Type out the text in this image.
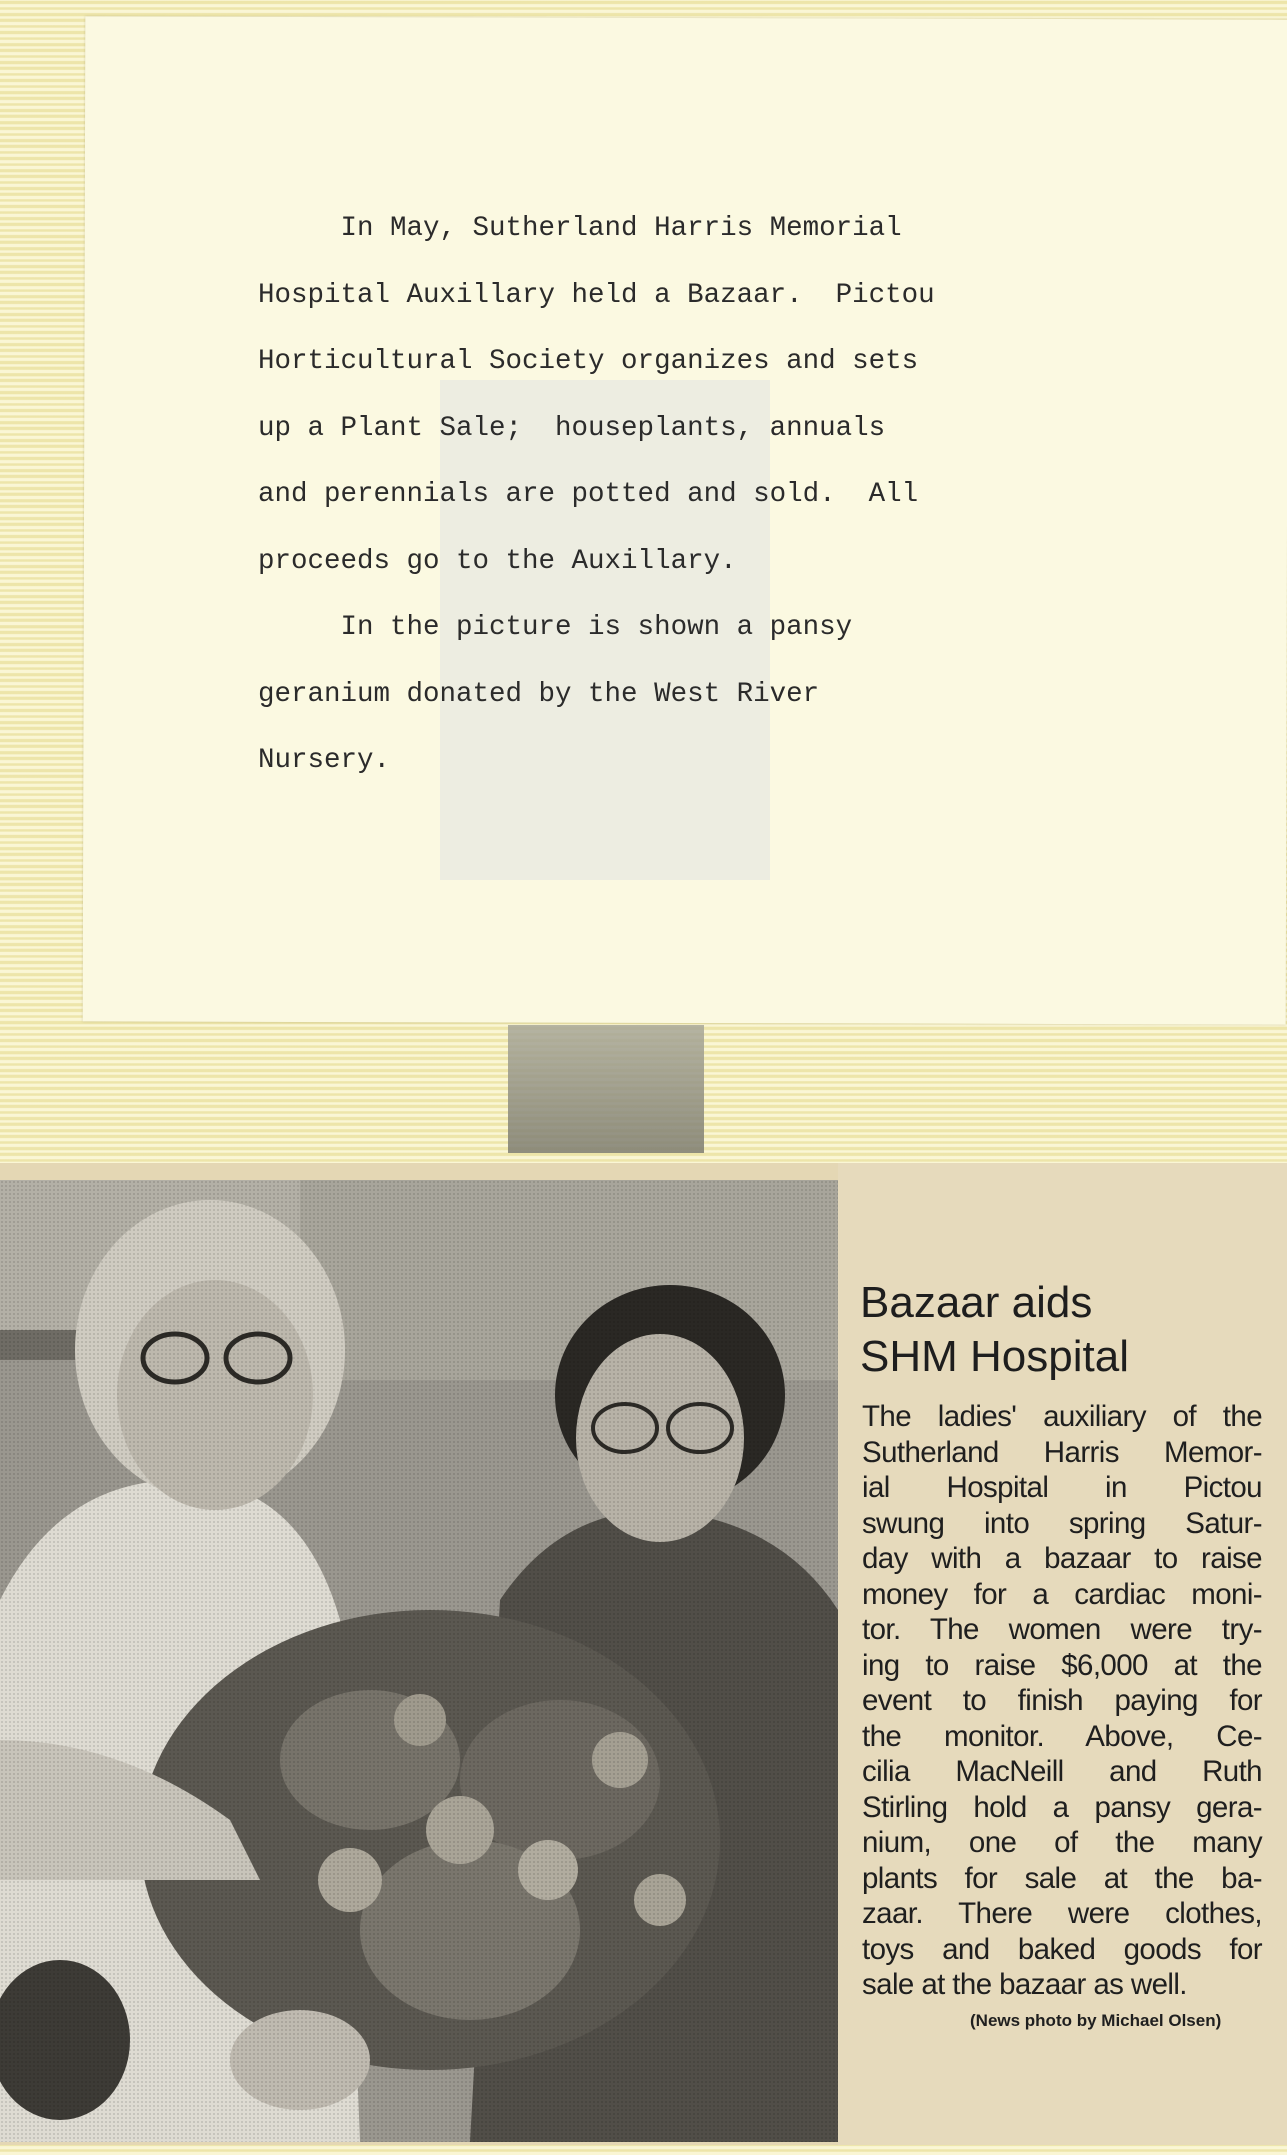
In May, Sutherland Harris Memorial
Hospital Auxillary held a Bazaar.  Pictou
Horticultural Society organizes and sets
up a Plant Sale;  houseplants, annuals
and perennials are potted and sold.  All
proceeds go to the Auxillary.
In the picture is shown a pansy
geranium donated by the West River
Nursery.
Bazaar aids
SHM Hospital
The ladies' auxiliary of the
Sutherland Harris Memor-
ial Hospital in Pictou
swung into spring Satur-
day with a bazaar to raise
money for a cardiac moni-
tor. The women were try-
ing to raise $6,000 at the
event to finish paying for
the monitor. Above, Ce-
cilia MacNeill and Ruth
Stirling hold a pansy gera-
nium, one of the many
plants for sale at the ba-
zaar. There were clothes,
toys and baked goods for
sale at the bazaar as well.
(News photo by Michael Olsen)
